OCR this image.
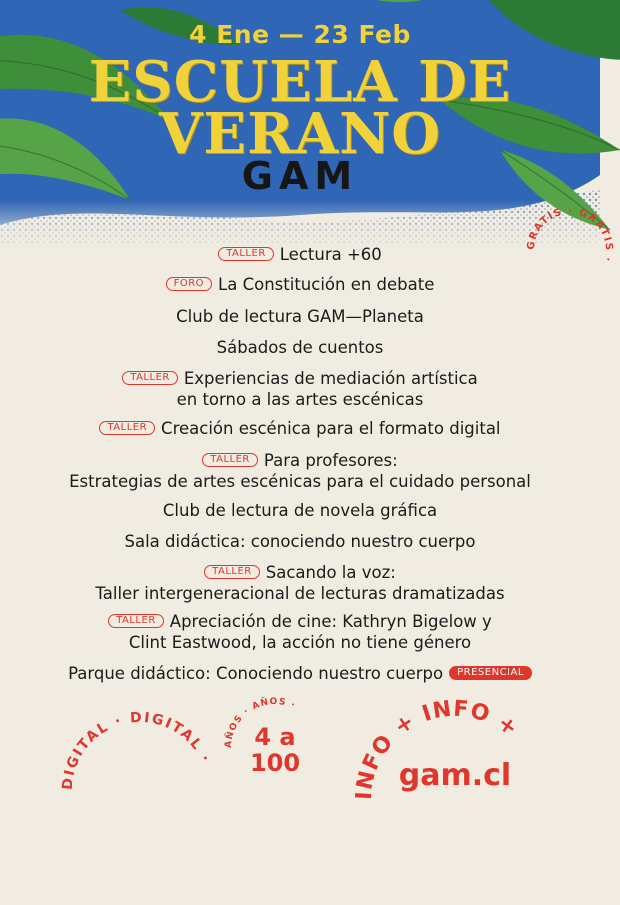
4 Ene — 23 Feb
ESCUELA DE
VERANO
GAM
TALLER Lectura +60
FORO La Constitución en debate
Club de lectura GAM—Planeta
Sábados de cuentos
TALLER Experiencias de mediación artística
en torno a las artes escénicas
TALLER Creación escénica para el formato digital
TALLER Para profesores:
Estrategias de artes escénicas para el cuidado personal
Club de lectura de novela gráfica
Sala didáctica: conociendo nuestro cuerpo
TALLER Sacando la voz:
Taller intergeneracional de lecturas dramatizadas
TALLER Apreciación de cine: Kathryn Bigelow y
Clint Eastwood, la acción no tiene género
Parque didáctico: Conociendo nuestro cuerpo PRESENCIAL
GRATIS · GRATIS ·
DIGITAL · DIGITAL ·
AÑOS · AÑOS ·
4 a
100
INFO + INFO +
gam.cl
